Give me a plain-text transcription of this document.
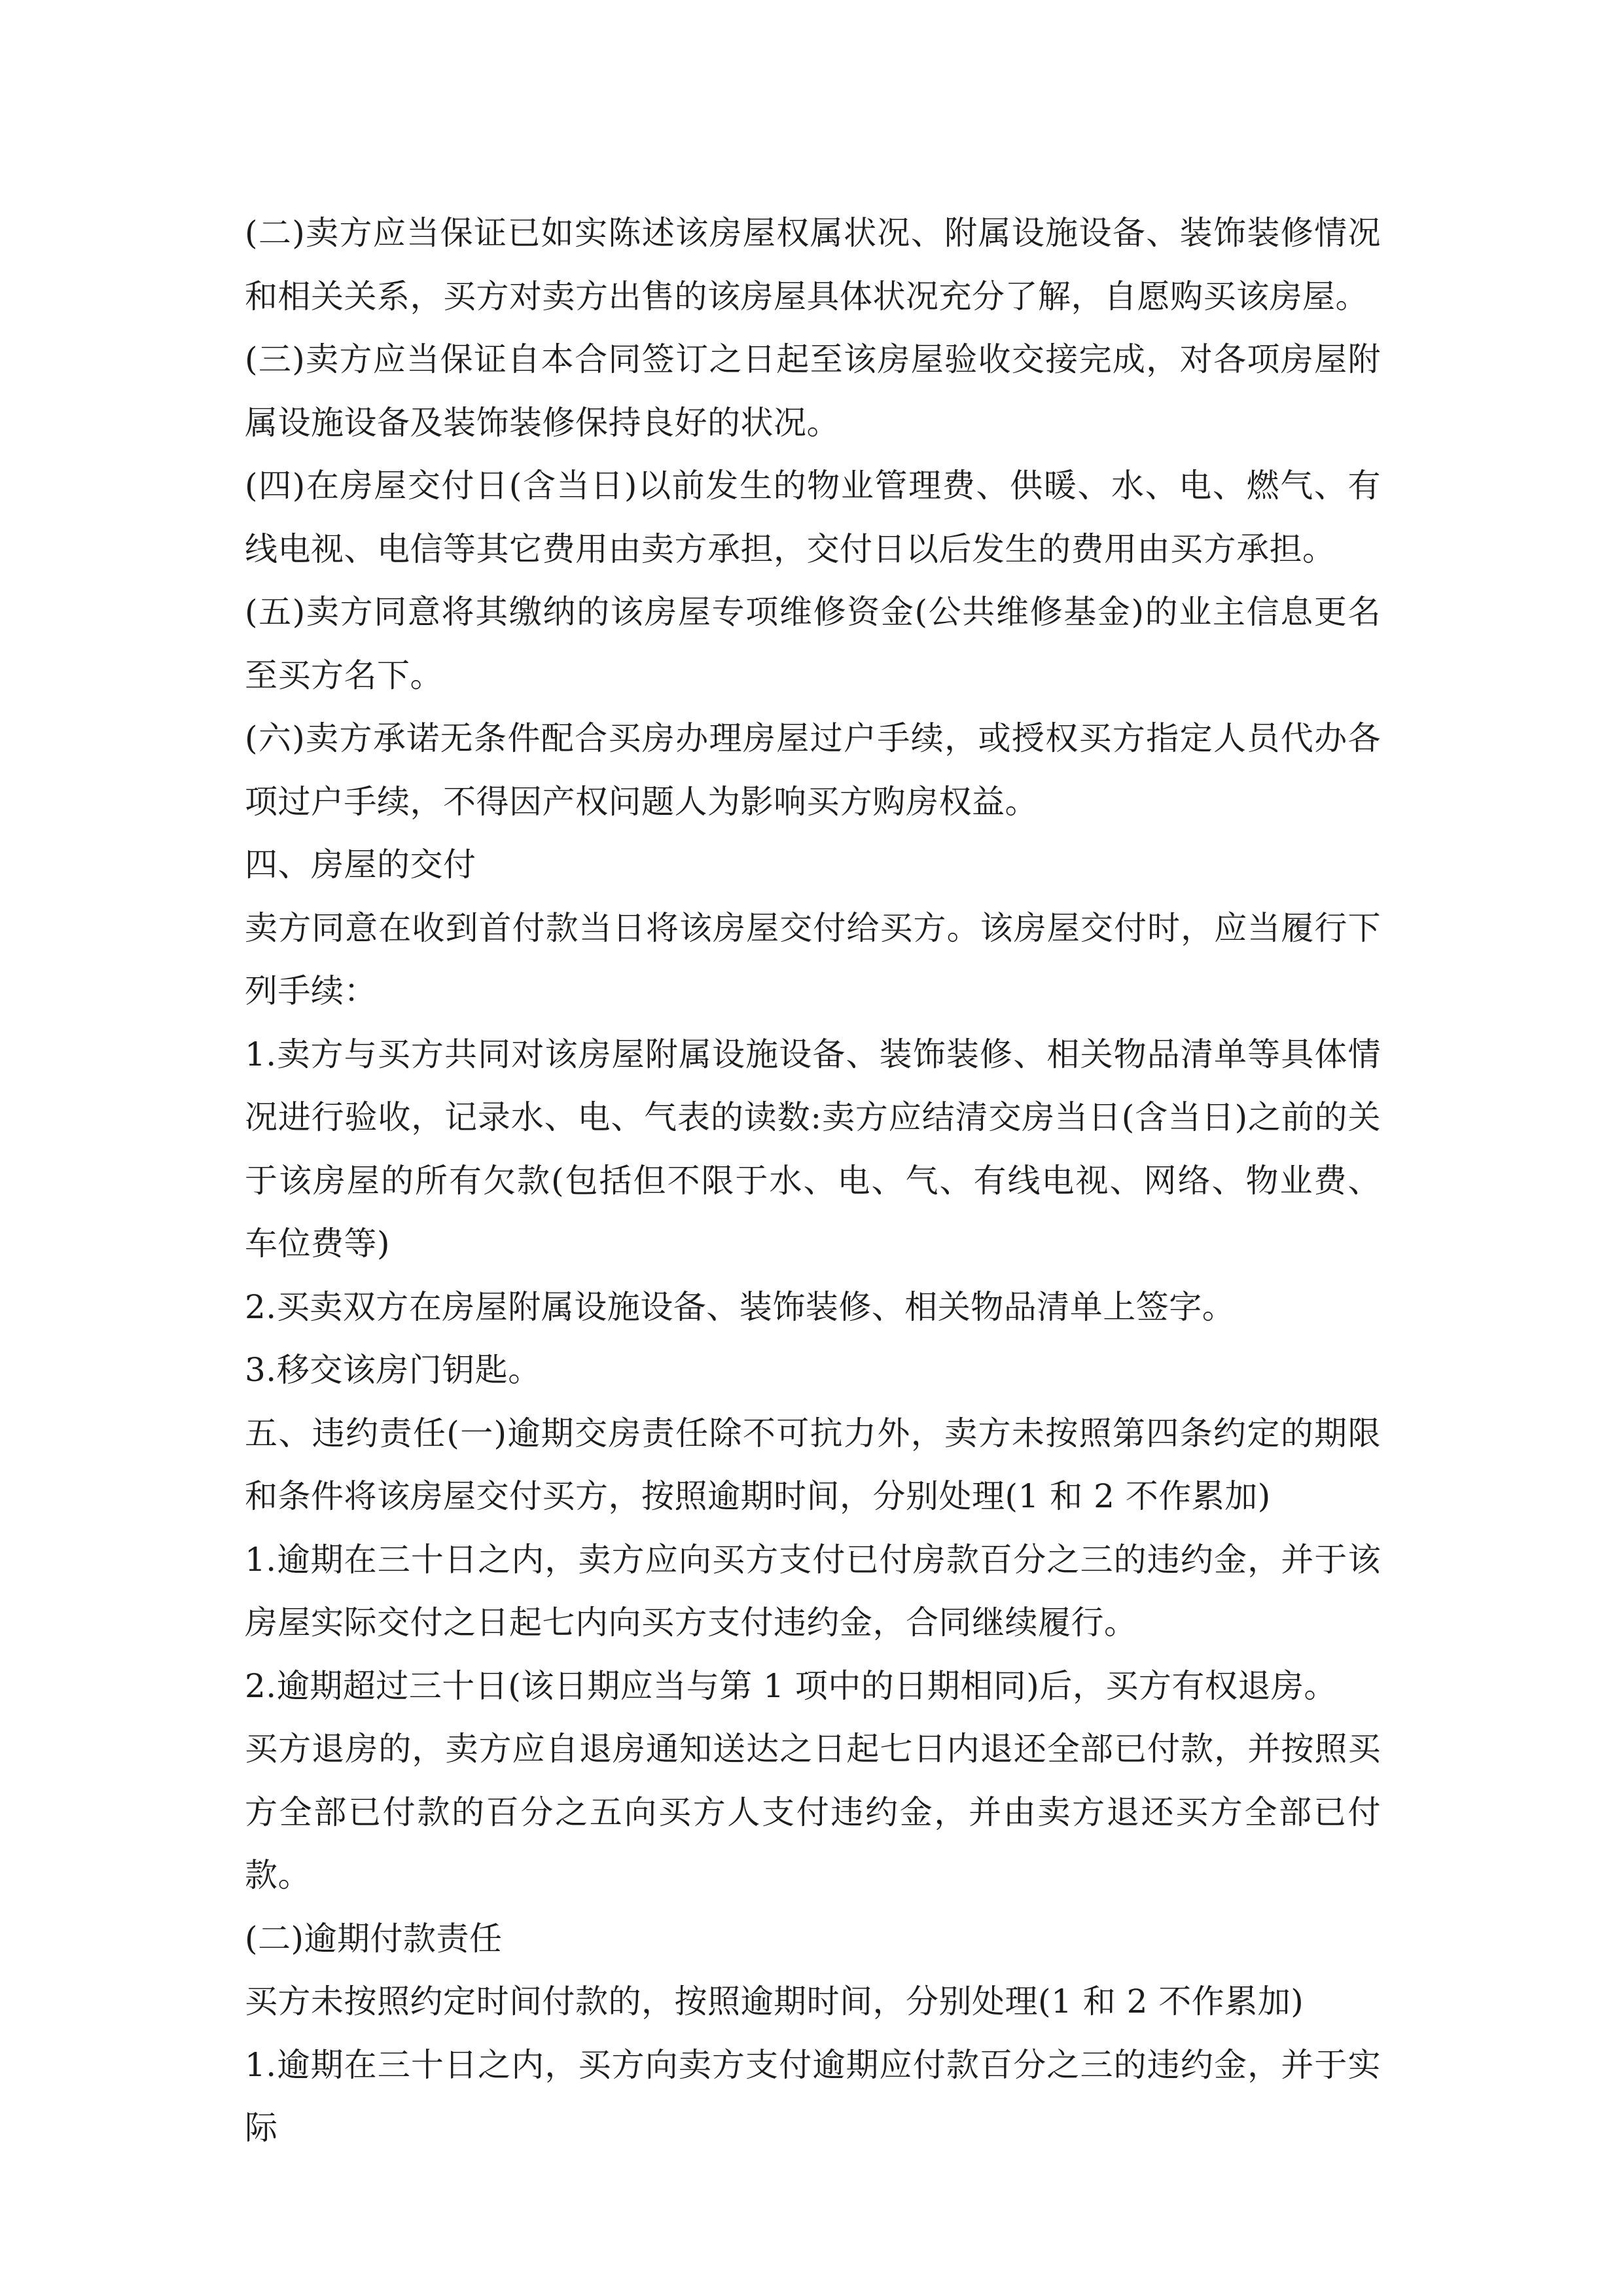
(二)卖方应当保证已如实陈述该房屋权属状况、附属设施设备、装饰装修情况和相关关系，买方对卖方出售的该房屋具体状况充分了解，自愿购买该房屋。

(三)卖方应当保证自本合同签订之日起至该房屋验收交接完成，对各项房屋附属设施设备及装饰装修保持良好的状况。

(四)在房屋交付日(含当日)以前发生的物业管理费、供暖、水、电、燃气、有线电视、电信等其它费用由卖方承担，交付日以后发生的费用由买方承担。

(五)卖方同意将其缴纳的该房屋专项维修资金(公共维修基金)的业主信息更名至买方名下。

(六)卖方承诺无条件配合买房办理房屋过户手续，或授权买方指定人员代办各项过户手续，不得因产权问题人为影响买方购房权益。

四、房屋的交付

卖方同意在收到首付款当日将该房屋交付给买方。该房屋交付时，应当履行下列手续：

1.卖方与买方共同对该房屋附属设施设备、装饰装修、相关物品清单等具体情况进行验收，记录水、电、气表的读数:卖方应结清交房当日(含当日)之前的关于该房屋的所有欠款(包括但不限于水、电、气、有线电视、网络、物业费、车位费等)

2.买卖双方在房屋附属设施设备、装饰装修、相关物品清单上签字。

3.移交该房门钥匙。

五、违约责任(一)逾期交房责任除不可抗力外，卖方未按照第四条约定的期限和条件将该房屋交付买方，按照逾期时间，分别处理(1 和 2 不作累加)

1.逾期在三十日之内，卖方应向买方支付已付房款百分之三的违约金，并于该房屋实际交付之日起七内向买方支付违约金，合同继续履行。

2.逾期超过三十日(该日期应当与第 1 项中的日期相同)后，买方有权退房。

买方退房的，卖方应自退房通知送达之日起七日内退还全部已付款，并按照买方全部已付款的百分之五向买方人支付违约金，并由卖方退还买方全部已付款。

(二)逾期付款责任

买方未按照约定时间付款的，按照逾期时间，分别处理(1 和 2 不作累加)

1.逾期在三十日之内，买方向卖方支付逾期应付款百分之三的违约金，并于实际
